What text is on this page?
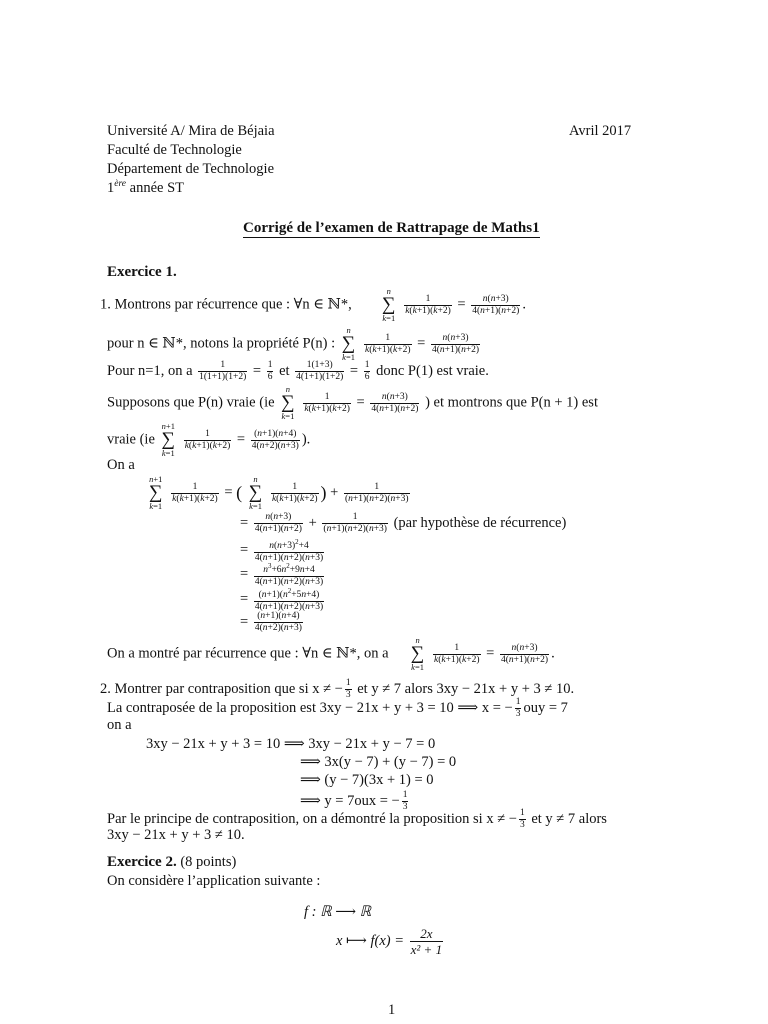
Université A/ Mira de Béjaia
Faculté de Technologie
Département de Technologie
1ère année ST
Avril 2017
Corrigé de l’examen de Rattrapage de Maths1
Exercice 1.
1. Montrons par récurrence que : ∀n ∈ ℕ*,  n
∑
k=1
$\frac{1}{k(k+1)(k+2)} = \frac{n(n+3)}{4(n+1)(n+2)}$ .
pour n ∈ ℕ*, notons la propriété P(n) : n
∑
k=1
$\frac{1}{k(k+1)(k+2)} = \frac{n(n+3)}{4(n+1)(n+2)}$
Pour n=1, on a $\frac{1}{1(1+1)(1+2)} = \frac{1}{6}$ et $\frac{1(1+3)}{4(1+1)(1+2)} = \frac{1}{6}$ donc P(1) est vraie.
Supposons que P(n) vraie (ie n
∑
k=1
$\frac{1}{k(k+1)(k+2)} = \frac{n(n+3)}{4(n+1)(n+2)}$ ) et montrons que P(n + 1) est
vraie (ie n+1
∑
k=1
$\frac{1}{k(k+1)(k+2)} = \frac{(n+1)(n+4)}{4(n+2)(n+3)}$ ).
On a
n+1
∑
k=1
$\frac{1}{k(k+1)(k+2)}$ = ( n
∑
k=1
$\frac{1}{k(k+1)(k+2)}$ ) + $\frac{1}{(n+1)(n+2)(n+3)}$
= $\frac{n(n+3)}{4(n+1)(n+2)} + \frac{1}{(n+1)(n+2)(n+3)} (par$ hypothèse de récurrence)
= $\frac{n(n+3)^2+4}{4(n+1)(n+2)(n+3)}$
= $\frac{n^3+6n^2+9n+4}{4(n+1)(n+2)(n+3)}$
= $\frac{(n+1)(n^2+5n+4)}{4(n+1)(n+2)(n+3)}$
= $\frac{(n+1)(n+4)}{4(n+2)(n+3)}$
On a montré par récurrence que : ∀n ∈ ℕ*, on a  n
∑
k=1
$\frac{1}{k(k+1)(k+2)} = \frac{n(n+3)}{4(n+1)(n+2)}$ .
2. Montrer par contraposition que si x ≠ − $\frac{1}{3}$ et y ≠ 7 alors 3xy − 21x + y + 3 ≠ 10.
La contraposée de la proposition est 3xy − 21x + y + 3 = 10 ⟹ x = − $\frac{1}{3}$ ouy = 7
on a
3xy − 21x + y + 3 = 10 ⟹ 3xy − 21x + y − 7 = 0
⟹ 3x(y − 7) + (y − 7) = 0
⟹ (y − 7)(3x + 1) = 0
⟹ y = 7oux = − $\frac{1}{3}$
Par le principe de contraposition, on a démontré la proposition si x ≠ − $\frac{1}{3}$ et y ≠ 7 alors
3xy − 21x + y + 3 ≠ 10.
Exercice 2. (8 points)
On considère l’application suivante :
f : ℝ ⟶ ℝ
x ⟼ $f(x) = \frac{2x}{\text{x² + 1}}$
1
